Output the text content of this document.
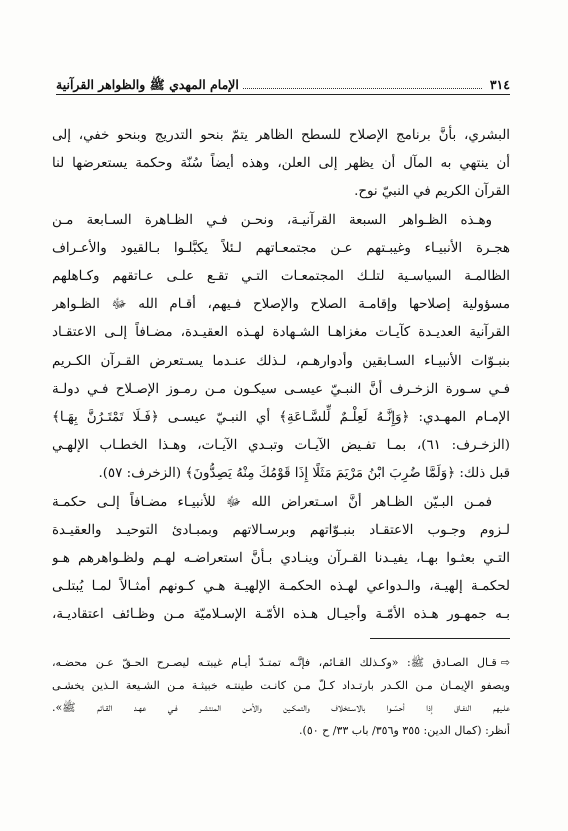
٣١٤
الإمام المهدي ﷺ والظواهر القرآنية
البشري، بأنَّ برنامج الإصلاح للسطح الظاهر يتمّ بنحو التدريج وبنحو خفي، إلى
أن ينتهي به المآل أن يظهر إلى العلن، وهذه أيضاً سُنّة وحكمة يستعرضها لنا
القرآن الكريم في النبيّ نوح.
وهـذه الظـواهر السبعة القرآنيـة، ونحـن فـي الظـاهرة السـابعة مـن
هجـرة الأنبيـاء وغيبـتهم عـن مجتمعـاتهم لـئلاً يكبَّلـوا بـالقيود والأعـراف
الظالمـة السياسـية لتلـك المجتمعـات التـي تقـع علـى عـاتقهم وكـاهلهم
مسؤولية إصلاحها وإقامـة الصلاح والإصلاح فـيهم، أقـام الله ﷻ الظـواهر
القرآنية العديـدة كآيـات مغزاهـا الشـهادة لهـذه العقيـدة، مضـافاً إلـى الاعتقـاد
بنبـوّات الأنبيـاء السـابقين وأدوارهـم، لـذلك عنـدما يسـتعرض القـرآن الكـريم
فـي سـورة الزخـرف أنَّ النبـيّ عيسـى سيكـون مـن رمـوز الإصـلاح فـي دولـة
الإمـام المهـدي: ﴿وَإِنَّـهُ لَعِلْـمٌ لِّلسَّـاعَةِ﴾ أي النبـيّ عيسـى ﴿فَـلَا تَمْتَـرُنَّ بِهَـا﴾
(الزخـرف: ٦١)، بمـا تفـيض الآيـات وتبـدي الآيـات، وهـذا الخطـاب الإلهـي
قبل ذلك: ﴿وَلَمَّا ضُرِبَ ابْنُ مَرْيَمَ مَثَلًا إِذَا قَوْمُكَ مِنْهُ يَصِدُّونَ﴾ (الزخرف: ٥٧).
فمـن البـيّن الظـاهر أنَّ اسـتعراض الله ﷻ للأنبيـاء مضـافاً إلـى حكمـة
لـزوم وجـوب الاعتقـاد بنبـوّاتهم وبرسـالاتهم وبمبـادئ التوحيـد والعقيـدة
التـي بعثـوا بهـا، يفيـدنا القـرآن وينـادي بـأنَّ استعراضـه لهـم ولظـواهرهم هـو
لحكمـة إلهيـة، والـدواعي لهـذه الحكمـة الإلهيـة هـي كـونهم أمثـالاً لمـا يُبتلـى
بـه جمهـور هـذه الأمّـة وأجيـال هـذه الأمّـة الإسـلاميّة مـن وظـائف اعتقاديـة،
⇨قـال الصـادق ﷺ: «وكـذلك القـائم، فإنَّـه تمتـدّ أيـام غيبتـه ليصـرح الحـقّ عـن محضـه،
ويصفو الإيمـان مـن الكـدر بارتـداد كـلّ مـن كانـت طينتـه خبيثـة مـن الشـيعة الـذين يخشـى
علـيهم النفـاق إذا أحسّـوا بالاسـتخلاف والتمكـين والأمـن المنتشـر فـي عهـد القـائم ﷺ».
أنظر: (كمال الدين: ٣٥٥ و٣٥٦/ باب ٣٣/ ح ٥٠).
